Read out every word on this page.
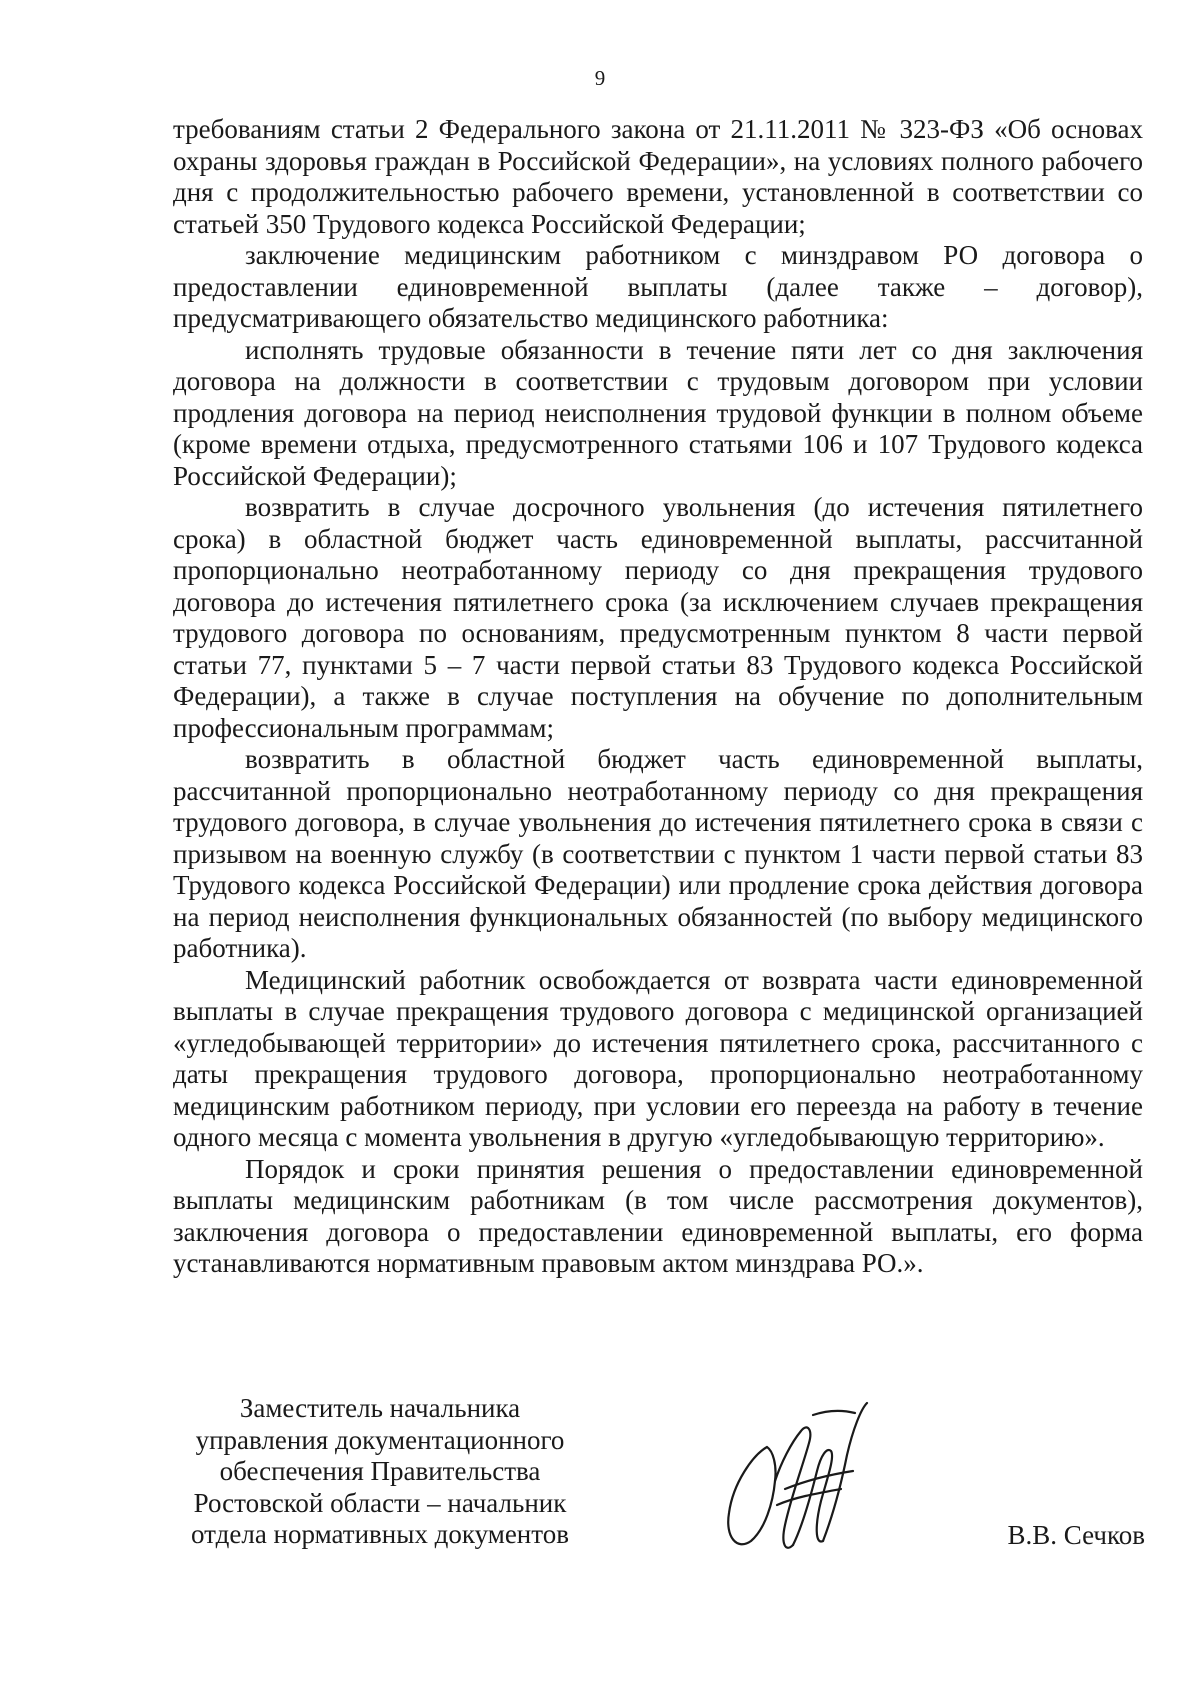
9

требованиям статьи 2 Федерального закона от 21.11.2011 № 323-ФЗ «Об основах охраны здоровья граждан в Российской Федерации», на условиях полного рабочего дня с продолжительностью рабочего времени, установленной в соответствии со статьей 350 Трудового кодекса Российской Федерации;

заключение медицинским работником с минздравом РО договора о предоставлении единовременной выплаты (далее также – договор), предусматривающего обязательство медицинского работника:

исполнять трудовые обязанности в течение пяти лет со дня заключения договора на должности в соответствии с трудовым договором при условии продления договора на период неисполнения трудовой функции в полном объеме (кроме времени отдыха, предусмотренного статьями 106 и 107 Трудового кодекса Российской Федерации);

возвратить в случае досрочного увольнения (до истечения пятилетнего срока) в областной бюджет часть единовременной выплаты, рассчитанной пропорционально неотработанному периоду со дня прекращения трудового договора до истечения пятилетнего срока (за исключением случаев прекращения трудового договора по основаниям, предусмотренным пунктом 8 части первой статьи 77, пунктами 5 – 7 части первой статьи 83 Трудового кодекса Российской Федерации), а также в случае поступления на обучение по дополнительным профессиональным программам;

возвратить в областной бюджет часть единовременной выплаты, рассчитанной пропорционально неотработанному периоду со дня прекращения трудового договора, в случае увольнения до истечения пятилетнего срока в связи с призывом на военную службу (в соответствии с пунктом 1 части первой статьи 83 Трудового кодекса Российской Федерации) или продление срока действия договора на период неисполнения функциональных обязанностей (по выбору медицинского работника).

Медицинский работник освобождается от возврата части единовременной выплаты в случае прекращения трудового договора с медицинской организацией «угледобывающей территории» до истечения пятилетнего срока, рассчитанного с даты прекращения трудового договора, пропорционально неотработанному медицинским работником периоду, при условии его переезда на работу в течение одного месяца с момента увольнения в другую «угледобывающую территорию».

Порядок и сроки принятия решения о предоставлении единовременной выплаты медицинским работникам (в том числе рассмотрения документов), заключения договора о предоставлении единовременной выплаты, его форма устанавливаются нормативным правовым актом минздрава РО.».

Заместитель начальника
управления документационного
обеспечения Правительства
Ростовской области – начальник
отдела нормативных документов	В.В. Сечков
